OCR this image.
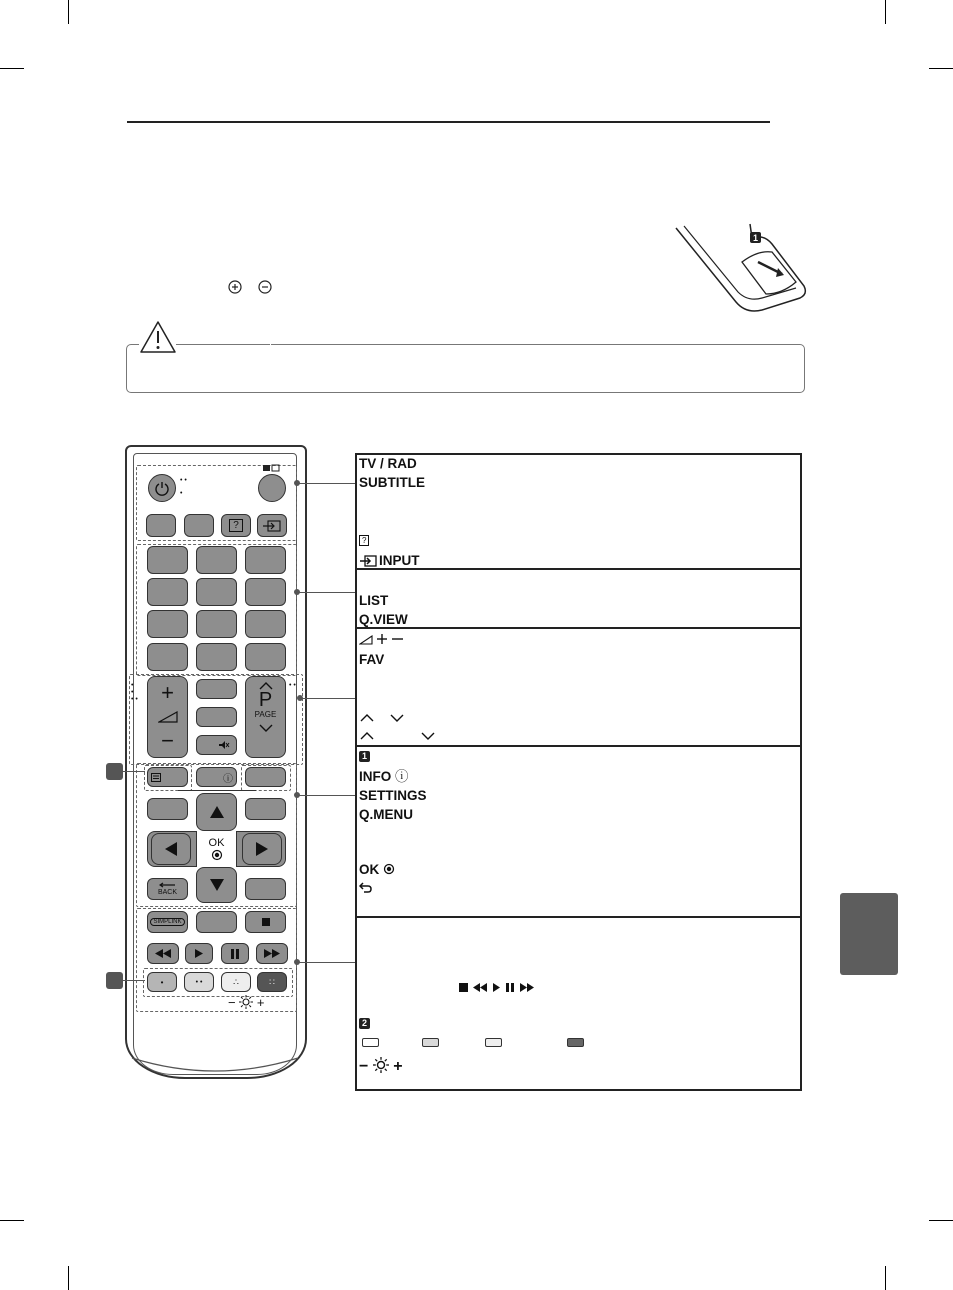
1
• •
•
?
•
•
• •
• •
+
−
P
PAGE
ⓘ
OK
BACK
SIMPLINK
•	• •	∴	∷
− +
TV / RAD
SUBTITLE
?
INPUT
LIST
Q.VIEW
FAV
1
INFO ⓘ
SETTINGS
Q.MENU
OK
2
− +
